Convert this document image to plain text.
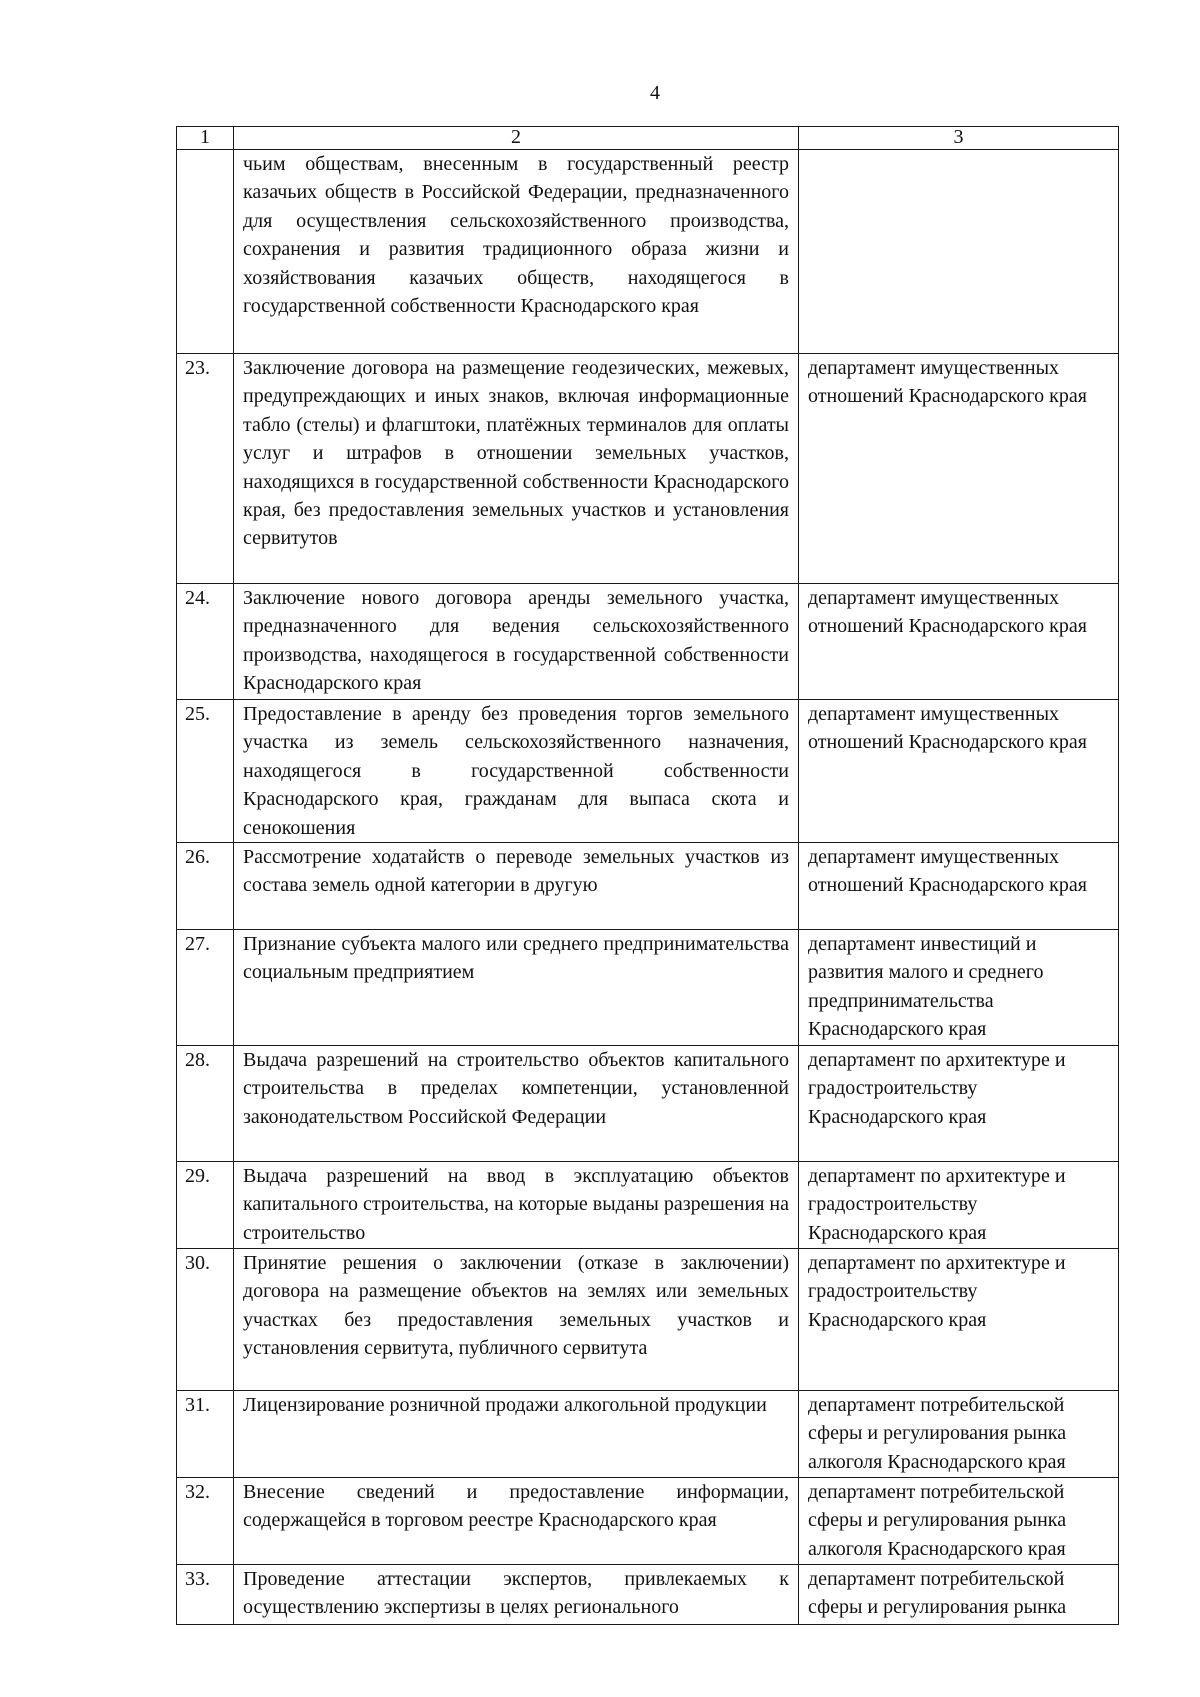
4
1	2	3
	чьим обществам, внесенным в государственный реестр казачьих обществ в Российской Федерации, предназначенного для осуществления сельскохозяйственного производства, сохранения и развития традиционного образа жизни и хозяйствования казачьих обществ, находящегося в государственной собственности Краснодарского края	
23.	Заключение договора на размещение геодезических, межевых, предупреждающих и иных знаков, включая информационные табло (стелы) и флагштоки, платёжных терминалов для оплаты услуг и штрафов в отношении земельных участков, находящихся в государственной собственности Краснодарского края, без предоставления земельных участков и установления сервитутов	департамент имущественных отношений Краснодарского края
24.	Заключение нового договора аренды земельного участка, предназначенного для ведения сельскохозяйственного производства, находящегося в государственной собственности Краснодарского края	департамент имущественных отношений Краснодарского края
25.	Предоставление в аренду без проведения торгов земельного участка из земель сельскохозяйственного назначения, находящегося в государственной собственности Краснодарского края, гражданам для выпаса скота и сенокошения	департамент имущественных отношений Краснодарского края
26.	Рассмотрение ходатайств о переводе земельных участков из состава земель одной категории в другую	департамент имущественных отношений Краснодарского края
27.	Признание субъекта малого или среднего предпринимательства социальным предприятием	департамент инвестиций и развития малого и среднего предпринимательства Краснодарского края
28.	Выдача разрешений на строительство объектов капитального строительства в пределах компетенции, установленной законодательством Российской Федерации	департамент по архитектуре и градостроительству Краснодарского края
29.	Выдача разрешений на ввод в эксплуатацию объектов капитального строительства, на которые выданы разрешения на строительство	департамент по архитектуре и градостроительству Краснодарского края
30.	Принятие решения о заключении (отказе в заключении) договора на размещение объектов на землях или земельных участках без предоставления земельных участков и установления сервитута, публичного сервитута	департамент по архитектуре и градостроительству Краснодарского края
31.	Лицензирование розничной продажи алкогольной продукции	департамент потребительской сферы и регулирования рынка алкоголя Краснодарского края
32.	Внесение сведений и предоставление информации, содержащейся в торговом реестре Краснодарского края	департамент потребительской сферы и регулирования рынка алкоголя Краснодарского края
33.	Проведение аттестации экспертов, привлекаемых к осуществлению экспертизы в целях регионального	департамент потребительской сферы и регулирования рынка
